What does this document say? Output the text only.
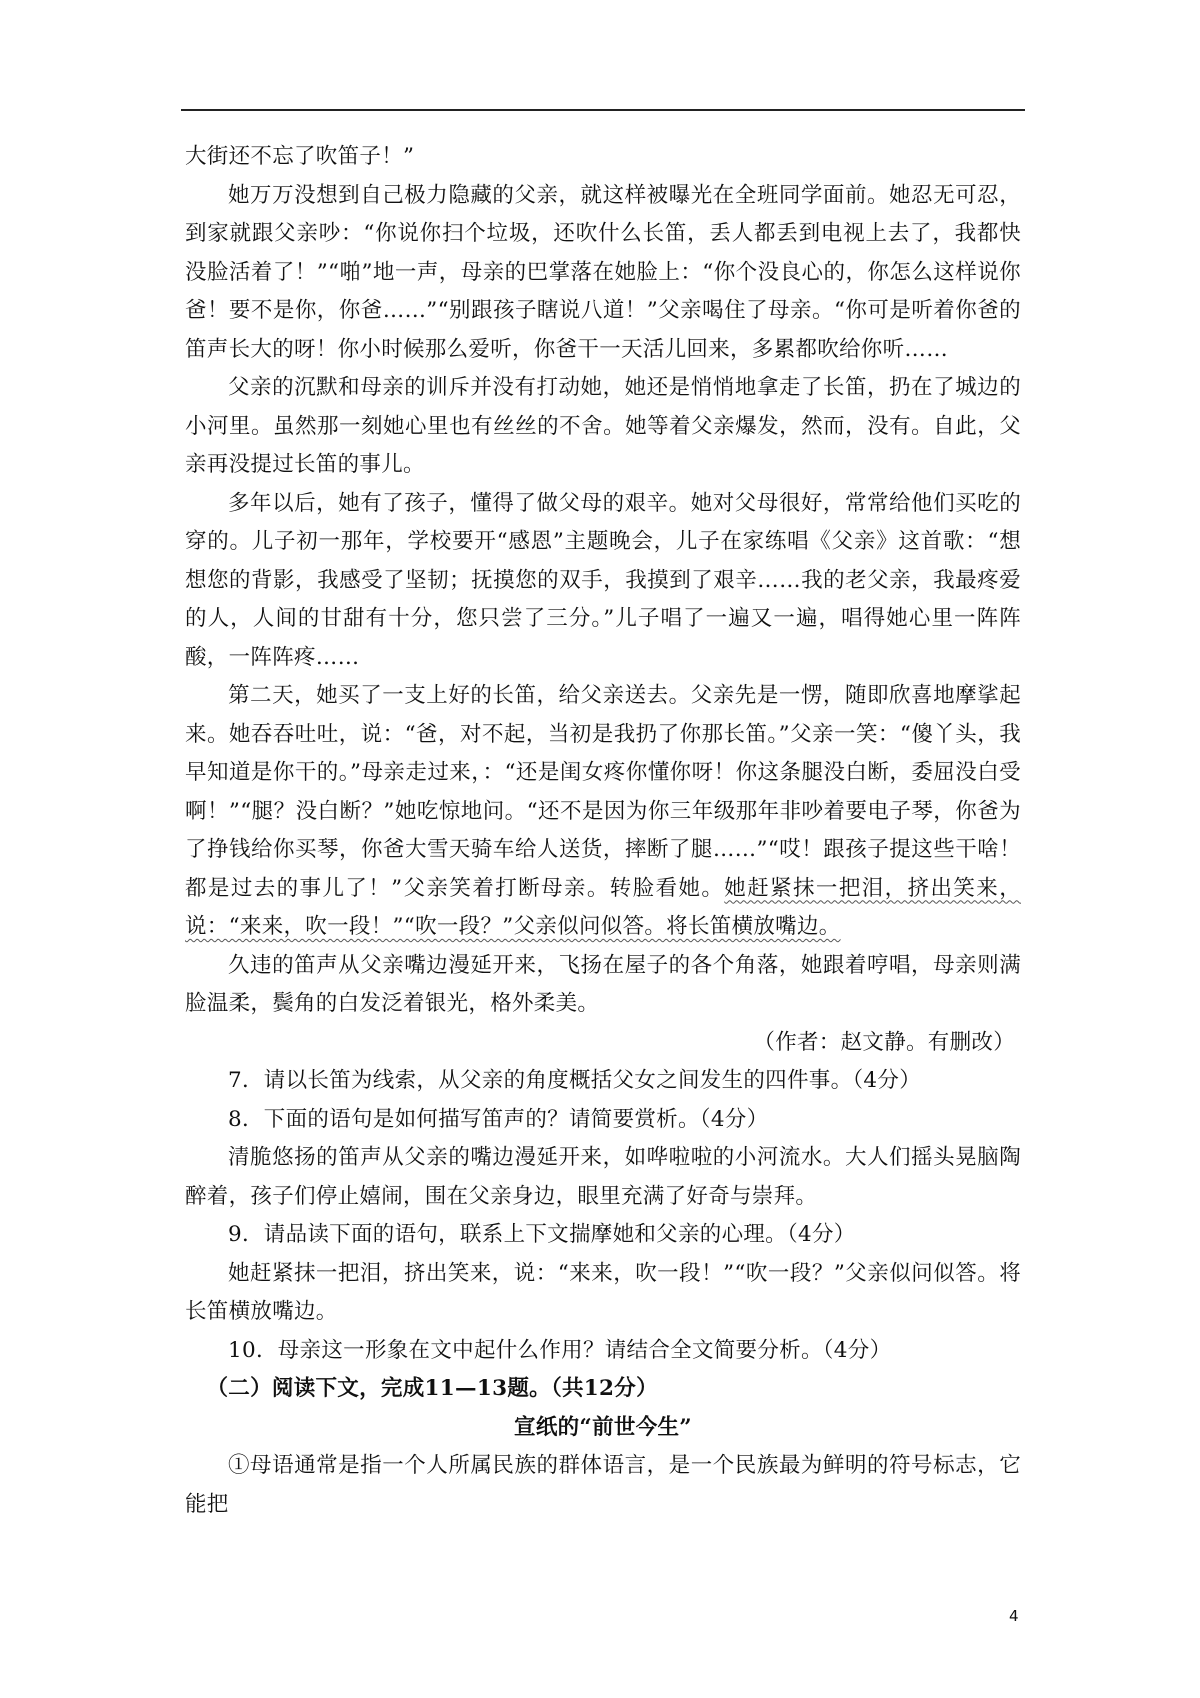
大街还不忘了吹笛子！”

她万万没想到自己极力隐藏的父亲，就这样被曝光在全班同学面前。她忍无可忍，到家就跟父亲吵：“你说你扫个垃圾，还吹什么长笛，丢人都丢到电视上去了，我都快没脸活着了！”“啪”地一声，母亲的巴掌落在她脸上：“你个没良心的，你怎么这样说你爸！要不是你，你爸……”“别跟孩子瞎说八道！”父亲喝住了母亲。“你可是听着你爸的笛声长大的呀！你小时候那么爱听，你爸干一天活儿回来，多累都吹给你听……

父亲的沉默和母亲的训斥并没有打动她，她还是悄悄地拿走了长笛，扔在了城边的小河里。虽然那一刻她心里也有丝丝的不舍。她等着父亲爆发，然而，没有。自此，父亲再没提过长笛的事儿。

多年以后，她有了孩子，懂得了做父母的艰辛。她对父母很好，常常给他们买吃的穿的。儿子初一那年，学校要开“感恩”主题晚会，儿子在家练唱《父亲》这首歌：“想想您的背影，我感受了坚韧；抚摸您的双手，我摸到了艰辛……我的老父亲，我最疼爱的人，人间的甘甜有十分，您只尝了三分。”儿子唱了一遍又一遍，唱得她心里一阵阵酸，一阵阵疼……

第二天，她买了一支上好的长笛，给父亲送去。父亲先是一愣，随即欣喜地摩挲起来。她吞吞吐吐，说：“爸，对不起，当初是我扔了你那长笛。”父亲一笑：“傻丫头，我早知道是你干的。”母亲走过来，：“还是闺女疼你懂你呀！你这条腿没白断，委屈没白受啊！”“腿？没白断？”她吃惊地问。“还不是因为你三年级那年非吵着要电子琴，你爸为了挣钱给你买琴，你爸大雪天骑车给人送货，摔断了腿……”“哎！跟孩子提这些干啥！都是过去的事儿了！”父亲笑着打断母亲。转脸看她。她赶紧抹一把泪，挤出笑来，说：“来来，吹一段！”“吹一段？”父亲似问似答。将长笛横放嘴边。

久违的笛声从父亲嘴边漫延开来，飞扬在屋子的各个角落，她跟着哼唱，母亲则满脸温柔，鬓角的白发泛着银光，格外柔美。

（作者：赵文静。有删改）

7．请以长笛为线索，从父亲的角度概括父女之间发生的四件事。（4分）

8．下面的语句是如何描写笛声的？请简要赏析。（4分）

清脆悠扬的笛声从父亲的嘴边漫延开来，如哗啦啦的小河流水。大人们摇头晃脑陶醉着，孩子们停止嬉闹，围在父亲身边，眼里充满了好奇与崇拜。

9．请品读下面的语句，联系上下文揣摩她和父亲的心理。（4分）

她赶紧抹一把泪，挤出笑来，说：“来来，吹一段！”“吹一段？”父亲似问似答。将长笛横放嘴边。

10．母亲这一形象在文中起什么作用？请结合全文简要分析。（4分）

（二）阅读下文，完成11—13题。（共12分）

宣纸的“前世今生”

①母语通常是指一个人所属民族的群体语言，是一个民族最为鲜明的符号标志，它能把

4
